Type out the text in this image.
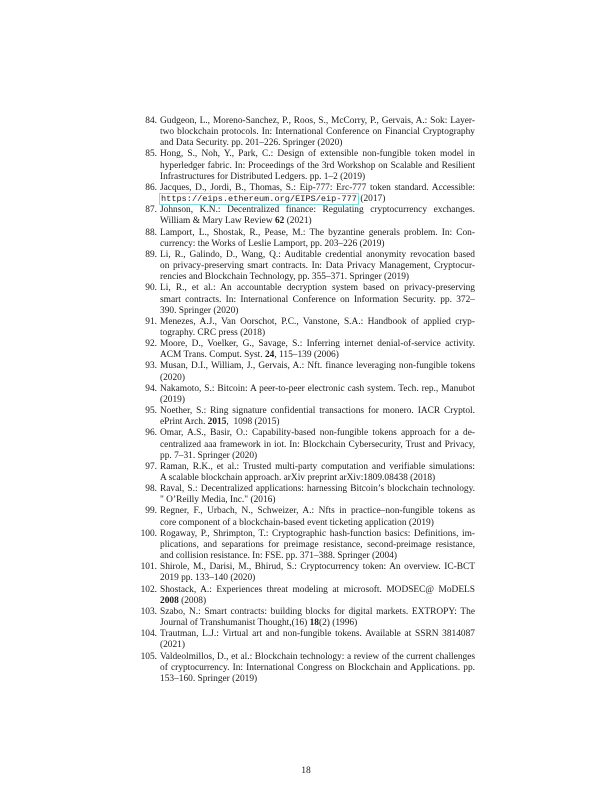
84. Gudgeon, L., Moreno-Sanchez, P., Roos, S., McCorry, P., Gervais, A.: Sok: Layer-
two blockchain protocols. In: International Conference on Financial Cryptography
and Data Security. pp. 201–226. Springer (2020)
85. Hong, S., Noh, Y., Park, C.: Design of extensible non-fungible token model in
hyperledger fabric. In: Proceedings of the 3rd Workshop on Scalable and Resilient
Infrastructures for Distributed Ledgers. pp. 1–2 (2019)
86. Jacques, D., Jordi, B., Thomas, S.: Eip-777: Erc-777 token standard. Accessible:
https://eips.ethereum.org/EIPS/eip-777 (2017)
87. Johnson, K.N.: Decentralized finance: Regulating cryptocurrency exchanges.
William & Mary Law Review 62 (2021)
88. Lamport, L., Shostak, R., Pease, M.: The byzantine generals problem. In: Con-
currency: the Works of Leslie Lamport, pp. 203–226 (2019)
89. Li, R., Galindo, D., Wang, Q.: Auditable credential anonymity revocation based
on privacy-preserving smart contracts. In: Data Privacy Management, Cryptocur-
rencies and Blockchain Technology, pp. 355–371. Springer (2019)
90. Li, R., et al.: An accountable decryption system based on privacy-preserving
smart contracts. In: International Conference on Information Security. pp. 372–
390. Springer (2020)
91. Menezes, A.J., Van Oorschot, P.C., Vanstone, S.A.: Handbook of applied cryp-
tography. CRC press (2018)
92. Moore, D., Voelker, G., Savage, S.: Inferring internet denial-of-service activity.
ACM Trans. Comput. Syst. 24, 115–139 (2006)
93. Musan, D.I., William, J., Gervais, A.: Nft. finance leveraging non-fungible tokens
(2020)
94. Nakamoto, S.: Bitcoin: A peer-to-peer electronic cash system. Tech. rep., Manubot
(2019)
95. Noether, S.: Ring signature confidential transactions for monero. IACR Cryptol.
ePrint Arch. 2015,  1098 (2015)
96. Omar, A.S., Basir, O.: Capability-based non-fungible tokens approach for a de-
centralized aaa framework in iot. In: Blockchain Cybersecurity, Trust and Privacy,
pp. 7–31. Springer (2020)
97. Raman, R.K., et al.: Trusted multi-party computation and verifiable simulations:
A scalable blockchain approach. arXiv preprint arXiv:1809.08438 (2018)
98. Raval, S.: Decentralized applications: harnessing Bitcoin’s blockchain technology.
" O’Reilly Media, Inc." (2016)
99. Regner, F., Urbach, N., Schweizer, A.: Nfts in practice–non-fungible tokens as
core component of a blockchain-based event ticketing application (2019)
100. Rogaway, P., Shrimpton, T.: Cryptographic hash-function basics: Definitions, im-
plications, and separations for preimage resistance, second-preimage resistance,
and collision resistance. In: FSE. pp. 371–388. Springer (2004)
101. Shirole, M., Darisi, M., Bhirud, S.: Cryptocurrency token: An overview. IC-BCT
2019 pp. 133–140 (2020)
102. Shostack, A.: Experiences threat modeling at microsoft. MODSEC@ MoDELS
2008 (2008)
103. Szabo, N.: Smart contracts: building blocks for digital markets. EXTROPY: The
Journal of Transhumanist Thought,(16) 18(2) (1996)
104. Trautman, L.J.: Virtual art and non-fungible tokens. Available at SSRN 3814087
(2021)
105. Valdeolmillos, D., et al.: Blockchain technology: a review of the current challenges
of cryptocurrency. In: International Congress on Blockchain and Applications. pp.
153–160. Springer (2019)
18
